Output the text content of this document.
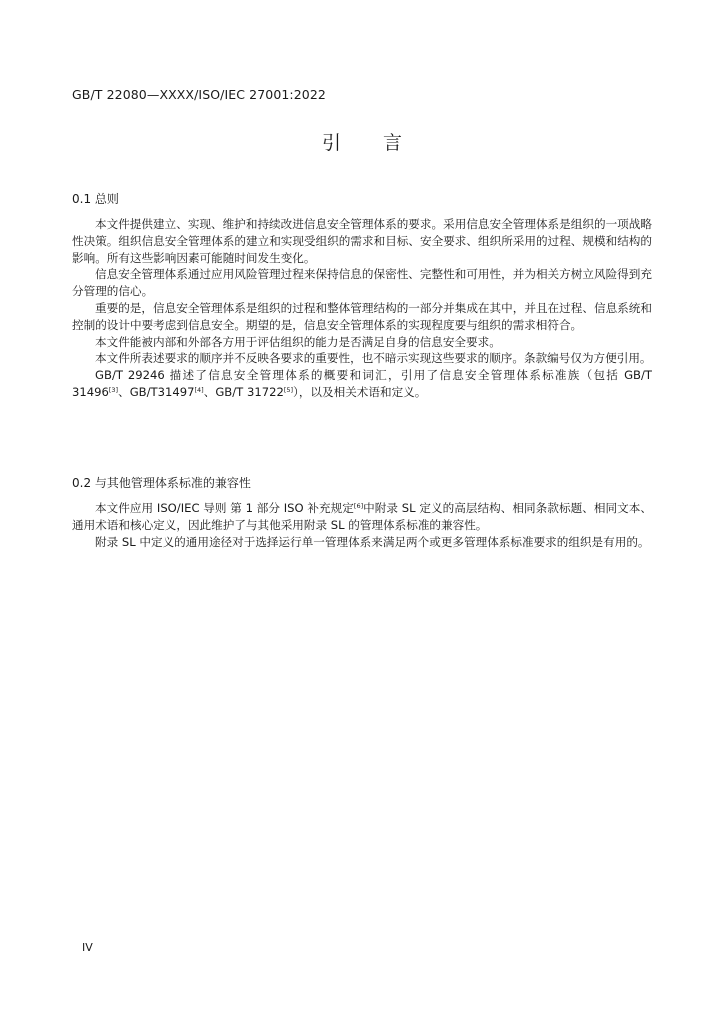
GB/T 22080—XXXX/ISO/IEC 27001:2022
引 言
0.1 总则

本文件提供建立、实现、维护和持续改进信息安全管理体系的要求。采用信息安全管理体系是组织的一项战略性决策。组织信息安全管理体系的建立和实现受组织的需求和目标、安全要求、组织所采用的过程、规模和结构的影响。所有这些影响因素可能随时间发生变化。

信息安全管理体系通过应用风险管理过程来保持信息的保密性、完整性和可用性，并为相关方树立风险得到充分管理的信心。

重要的是，信息安全管理体系是组织的过程和整体管理结构的一部分并集成在其中，并且在过程、信息系统和控制的设计中要考虑到信息安全。期望的是，信息安全管理体系的实现程度要与组织的需求相符合。

本文件能被内部和外部各方用于评估组织的能力是否满足自身的信息安全要求。

本文件所表述要求的顺序并不反映各要求的重要性，也不暗示实现这些要求的顺序。条款编号仅为方便引用。

GB/T 29246 描述了信息安全管理体系的概要和词汇，引用了信息安全管理体系标准族（包括 GB/T 31496[3]、GB/T31497[4]、GB/T 31722[5]），以及相关术语和定义。

0.2 与其他管理体系标准的兼容性

本文件应用 ISO/IEC 导则 第 1 部分 ISO 补充规定[6]中附录 SL 定义的高层结构、相同条款标题、相同文本、通用术语和核心定义，因此维护了与其他采用附录 SL 的管理体系标准的兼容性。

附录 SL 中定义的通用途径对于选择运行单一管理体系来满足两个或更多管理体系标准要求的组织是有用的。

IV
